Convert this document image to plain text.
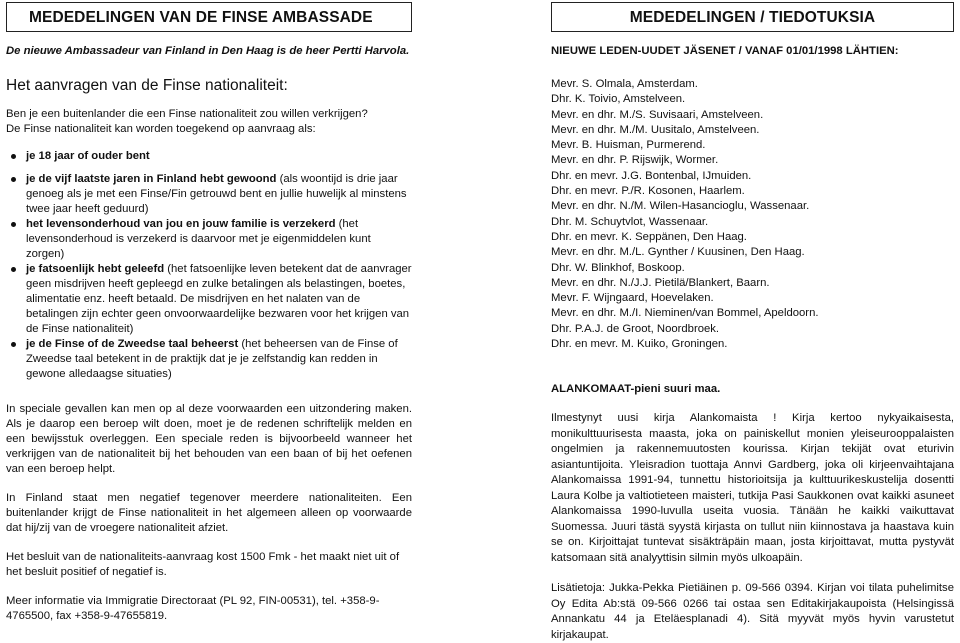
MEDEDELINGEN VAN DE FINSE AMBASSADE

De nieuwe Ambassadeur van Finland in Den Haag is de heer Pertti Harvola.

Het aanvragen van de Finse nationaliteit:

Ben je een buitenlander die een Finse nationaliteit zou willen verkrijgen?

De Finse nationaliteit kan worden toegekend op aanvraag als:

je 18 jaar of ouder bent
je de vijf laatste jaren in Finland hebt gewoond (als woontijd is drie jaar genoeg als je met een Finse/Fin getrouwd bent en jullie huwelijk al minstens twee jaar heeft geduurd)
het levensonderhoud van jou en jouw familie is verzekerd (het levensonderhoud is verzekerd is daarvoor met je eigenmiddelen kunt zorgen)
je fatsoenlijk hebt geleefd (het fatsoenlijke leven betekent dat de aanvrager geen misdrijven heeft gepleegd en zulke betalingen als belastingen, boetes, alimentatie enz. heeft betaald. De misdrijven en het nalaten van de betalingen zijn echter geen onvoorwaardelijke bezwaren voor het krijgen van de Finse nationaliteit)
je de Finse of de Zweedse taal beheerst (het beheersen van de Finse of Zweedse taal betekent in de praktijk dat je je zelfstandig kan redden in gewone alledaagse situaties)

In speciale gevallen kan men op al deze voorwaarden een uitzondering maken. Als je daarop een beroep wilt doen, moet je de redenen schriftelijk melden en een bewijsstuk overleggen. Een speciale reden is bijvoorbeeld wanneer het verkrijgen van de nationaliteit bij het behouden van een baan of bij het oefenen van een beroep helpt.

In Finland staat men negatief tegenover meerdere nationaliteiten. Een buitenlander krijgt de Finse nationaliteit in het algemeen alleen op voorwaarde dat hij/zij van de vroegere nationaliteit afziet.

Het besluit van de nationaliteits-aanvraag kost 1500 Fmk - het maakt niet uit of het besluit positief of negatief is.

Meer informatie via Immigratie Directoraat (PL 92, FIN-00531), tel. +358-9-4765500, fax +358-9-47655819.

MEDEDELINGEN / TIEDOTUKSIA

NIEUWE LEDEN-UUDET JÄSENET / VANAF 01/01/1998 LÄHTIEN:

Mevr. S. Olmala, Amsterdam.
Dhr. K. Toivio, Amstelveen.
Mevr. en dhr. M./S. Suvisaari, Amstelveen.
Mevr. en dhr. M./M. Uusitalo, Amstelveen.
Mevr. B. Huisman, Purmerend.
Mevr. en dhr. P. Rijswijk, Wormer.
Dhr. en mevr. J.G. Bontenbal, IJmuiden.
Dhr. en mevr. P./R. Kosonen, Haarlem.
Mevr. en dhr. N./M. Wilen-Hasancioglu, Wassenaar.
Dhr. M. Schuytvlot, Wassenaar.
Dhr. en mevr. K. Seppänen, Den Haag.
Mevr. en dhr. M./L. Gynther / Kuusinen, Den Haag.
Dhr. W. Blinkhof, Boskoop.
Mevr. en dhr. N./J.J. Pietilä/Blankert, Baarn.
Mevr. F. Wijngaard, Hoevelaken.
Mevr. en dhr. M./I. Nieminen/van Bommel, Apeldoorn.
Dhr. P.A.J. de Groot, Noordbroek.
Dhr. en mevr. M. Kuiko, Groningen.

ALANKOMAAT-pieni suuri maa.

Ilmestynyt uusi kirja Alankomaista ! Kirja kertoo nykyaikaisesta, monikulttuurisesta maasta, joka on painiskellut monien yleiseurooppalaisten ongelmien ja rakennemuutosten kourissa. Kirjan tekijät ovat eturivin asiantuntijoita. Yleisradion tuottaja Annvi Gardberg, joka oli kirjeenvaihtajana Alankomaissa 1991-94, tunnettu historioitsija ja kulttuurikeskustelija dosentti Laura Kolbe ja valtiotieteen maisteri, tutkija Pasi Saukkonen ovat kaikki asuneet Alankomaissa 1990-luvulla useita vuosia. Tänään he kaikki vaikuttavat Suomessa. Juuri tästä syystä kirjasta on tullut niin kiinnostava ja haastava kuin se on. Kirjoittajat tuntevat sisäkträpäin maan, josta kirjoittavat, mutta pystyvät katsomaan sitä analyyttisin silmin myös ulkoapäin.

Lisätietoja: Jukka-Pekka Pietiäinen p. 09-566 0394. Kirjan voi tilata puhelimitse Oy Edita Ab:stä 09-566 0266 tai ostaa sen Editakirjakaupoista (Helsingissä Annankatu 44 ja Eteläesplanadi 4). Sitä myyvät myös hyvin varustetut kirjakaupat.
